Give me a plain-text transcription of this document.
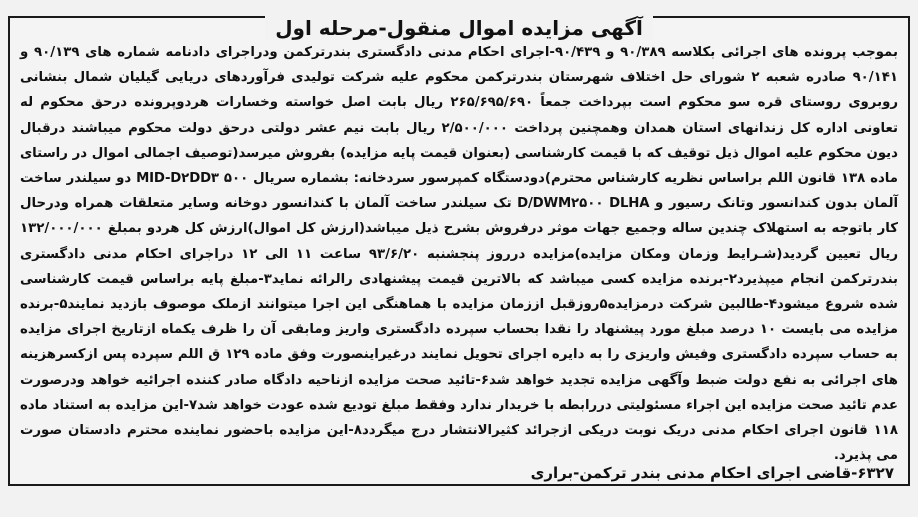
آگهی مزایده اموال منقول-مرحله اول

بموجب پرونده های اجرائی بکلاسه ۹۰/۳۸۹ و ۹۰/۴۳۹-اجرای احکام مدنی دادگستری بندرترکمن ودراجرای دادنامه شماره های ۹۰/۱۳۹ و ۹۰/۱۴۱ صادره شعبه ۲ شورای حل اختلاف شهرستان بندرترکمن محکوم علیه شرکت تولیدی فرآوردهای دریایی گیلیان شمال بنشانی روبروی روستای قره سو محکوم است بپرداخت جمعاً ۲۶۵/۶۹۵/۶۹۰ ریال بابت اصل خواسته وخسارات هردوپرونده درحق محکوم له تعاونی اداره کل زندانهای استان همدان وهمچنین پرداخت ۲/۵۰۰/۰۰۰ ریال بابت نیم عشر دولتی درحق دولت محکوم میباشند درقبال دیون محکوم علیه اموال ذیل توقیف که با قیمت کارشناسی (بعنوان قیمت پایه مزایده) بفروش میرسد(توصیف اجمالی اموال در راستای ماده ۱۳۸ قانون اللم براساس نظریه کارشناس محترم)دودستگاه کمپرسور سردخانه: بشماره سریال MID-D۲DD۳ ۵۰۰ دو سیلندر ساخت آلمان بدون کندانسور وتانک رسیور و D/DWM۲۵۰۰ DLHA تک سیلندر ساخت آلمان با کندانسور دوخانه وسایر متعلقات همراه ودرحال کار باتوجه به استهلاک چندین ساله وجمیع جهات موثر درفروش بشرح ذیل میباشد(ارزش کل اموال)ارزش کل هردو بمبلغ ۱۳۲/۰۰۰/۰۰۰ ریال تعیین گردید(شـرایط وزمان ومکان مزایده)مزایده درروز پنجشنبه ۹۳/۶/۲۰ ساعت ۱۱ الی ۱۲ دراجرای احکام مدنی دادگستری بندرترکمن انجام میپذیرد۲-برنده مزایده کسی میباشد که بالاترین قیمت پیشنهادی رالرائه نماید۳-مبلغ پایه براساس قیمت کارشناسی شده شروع میشود۴-طالبین شرکت درمزایده۵روزقبل اززمان مزایده با هماهنگی این اجرا میتوانند ازملک موصوف بازدید نمایند۵-برنده مزایده می بایست ۱۰ درصد مبلغ مورد پیشنهاد را نقدا بحساب سپرده دادگستری واریز ومابقی آن را ظرف یکماه ازتاریخ اجرای مزایده به حساب سپرده دادگستری وفیش واریزی را به دایره اجرای تحویل نمایند درغیراینصورت وفق ماده ۱۲۹ ق اللم سپرده پس ازکسرهزینه های اجرائی به نفع دولت ضبط وآگهی مزایده تجدید خواهد شد۶-تائید صحت مزایده ازناحیه دادگاه صادر کننده اجرائیه خواهد ودرصورت عدم تائید صحت مزایده این اجراء مسئولیتی دررابطه با خریدار ندارد وفقط مبلغ تودیع شده عودت خواهد شد۷-این مزایده به استناد ماده ۱۱۸ قانون اجرای احکام مدنی دریک نوبت دریکی ازجرائد کثیرالانتشار درج میگردد۸-این مزایده باحضور نماینده محترم دادستان صورت می پذیرد.

۶۳۲۷-قاضی اجرای احکام مدنی بندر ترکمن-براری
